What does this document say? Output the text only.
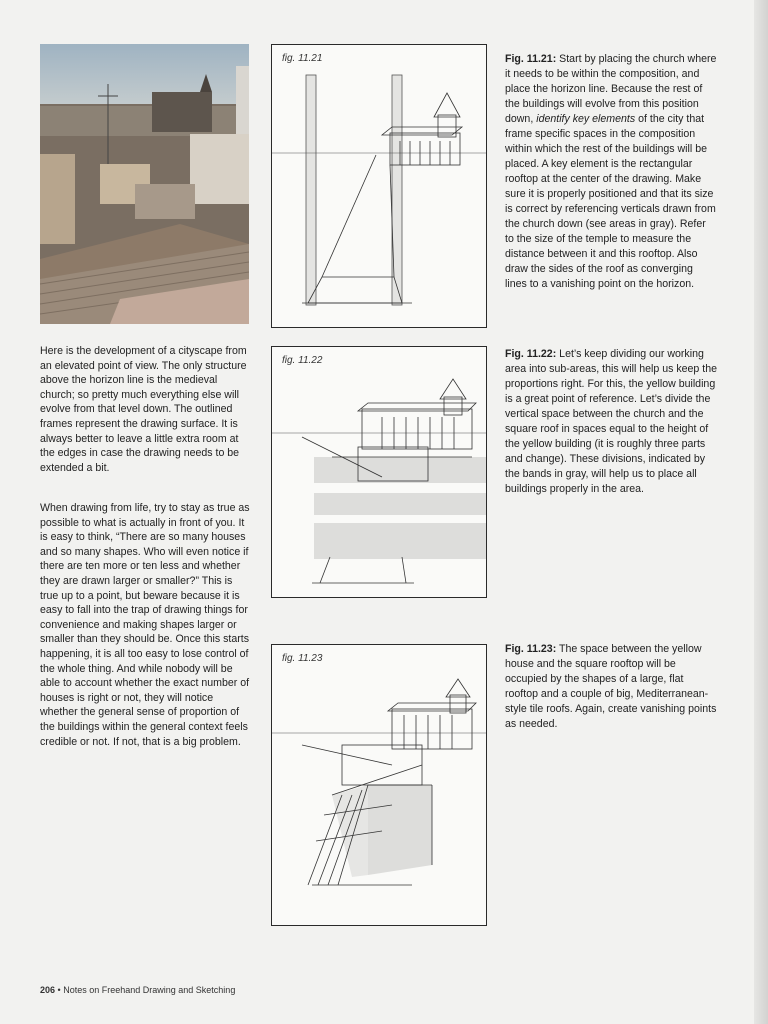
fig. 11.21
fig. 11.22
fig. 11.23

Here is the development of a cityscape from an elevated point of view. The only structure above the horizon line is the medieval church; so pretty much everything else will evolve from that level down. The outlined frames represent the drawing surface. It is always better to leave a little extra room at the edges in case the drawing needs to be extended a bit.

When drawing from life, try to stay as true as possible to what is actually in front of you. It is easy to think, “There are so many houses and so many shapes. Who will even notice if there are ten more or ten less and whether they are drawn larger or smaller?” This is true up to a point, but beware because it is easy to fall into the trap of drawing things for convenience and making shapes larger or smaller than they should be. Once this starts happening, it is all too easy to lose control of the whole thing. And while nobody will be able to account whether the exact number of houses is right or not, they will notice whether the general sense of proportion of the buildings within the general context feels credible or not. If not, that is a big problem.

Fig. 11.21: Start by placing the church where it needs to be within the composition, and place the horizon line. Because the rest of the buildings will evolve from this position down, identify key elements of the city that frame specific spaces in the composition within which the rest of the buildings will be placed. A key element is the rectangular rooftop at the center of the drawing. Make sure it is properly positioned and that its size is correct by referencing verticals drawn from the church down (see areas in gray). Refer to the size of the temple to measure the distance between it and this rooftop. Also draw the sides of the roof as converging lines to a vanishing point on the horizon.
Fig. 11.22: Let’s keep dividing our working area into sub-areas, this will help us keep the proportions right. For this, the yellow building is a great point of reference. Let’s divide the vertical space between the church and the square roof in spaces equal to the height of the yellow building (it is roughly three parts and change). These divisions, indicated by the bands in gray, will help us to place all buildings properly in the area.
Fig. 11.23: The space between the yellow house and the square rooftop will be occupied by the shapes of a large, flat rooftop and a couple of big, Mediterranean-style tile roofs. Again, create vanishing points as needed.
206 • Notes on Freehand Drawing and Sketching
